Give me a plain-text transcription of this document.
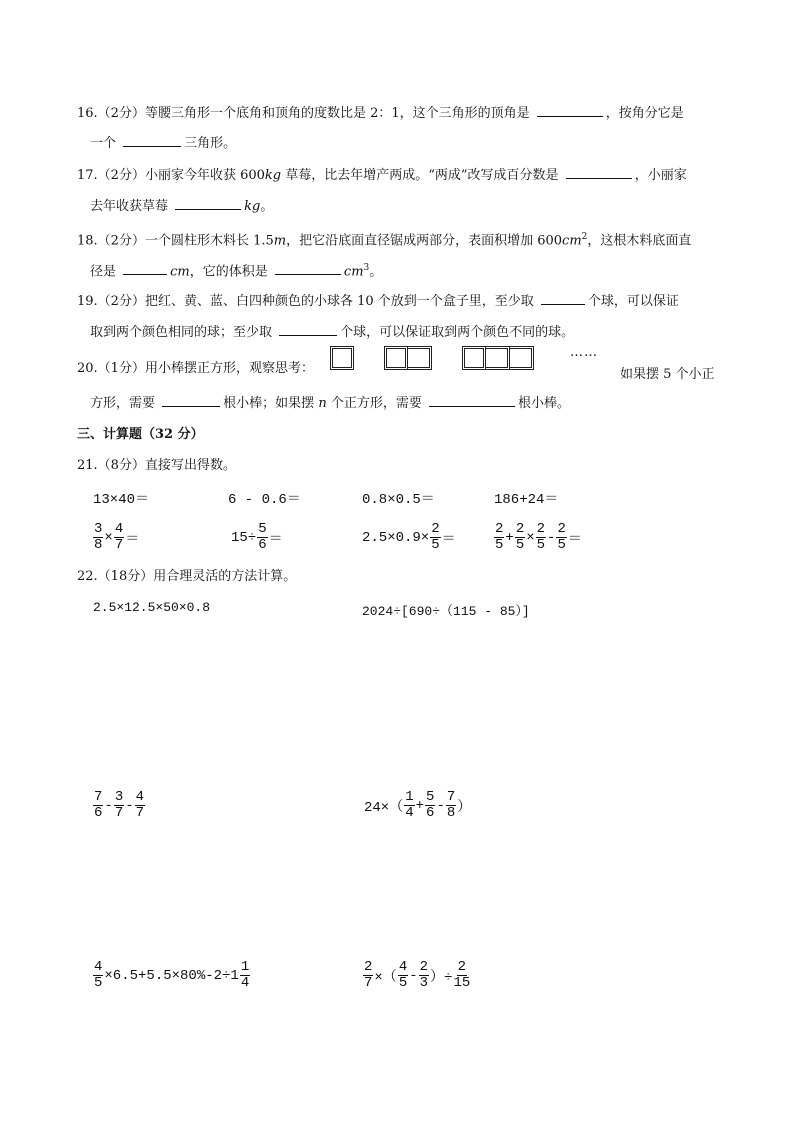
16.（2分）等腰三角形一个底角和顶角的度数比是 2：1，这个三角形的顶角是	，按角分它是
一个	三角形。
17.（2分）小丽家今年收获 600kg 草莓，比去年增产两成。“两成”改写成百分数是	，小丽家
去年收获草莓	kg。
18.（2分）一个圆柱形木料长 1.5m，把它沿底面直径锯成两部分，表面积增加 $600cm^2$，这根木料底面直
径是	cm，它的体积是	$cm^3$。
19.（2分）把红、黄、蓝、白四种颜色的小球各 10 个放到一个盒子里，至少取	个球，可以保证
取到两个颜色相同的球；至少取	个球，可以保证取到两个颜色不同的球。
20.（1分）用小棒摆正方形，观察思考：
……
如果摆 5 个小正
方形，需要	根小棒；如果摆 n 个正方形，需要	根小棒。
三、计算题（32 分）
21.（8分）直接写出得数。
13×40＝	6 - 0.6＝	0.8×0.5＝	186+24＝
$\frac{3}{8} \times \frac{4}{7}$ ＝	$15\div \frac{5}{6}$ ＝	$2.5\times 0.9\times \frac{2}{5}$ ＝	$\frac{2}{5} + \frac{2}{5} \times \frac{2}{5} - \frac{2}{5}$ ＝
22.（18分）用合理灵活的方法计算。
2.5×12.5×50×0.8	2024÷[690÷（115 - 85）]
$\frac{7}{6} - \frac{3}{7} - \frac{4}{7}$	$24\times( \frac{1}{4} + \frac{5}{6} - \frac{7}{8}$ ）
$\frac{4}{5} \times 6.5+5.5\times 80\%-2\div 1 \frac{1}{4}$	$\frac{2}{7}$ ×（ $\frac{4}{5} - \frac{2}{3}$ ）÷ $\frac{2}{15}$
